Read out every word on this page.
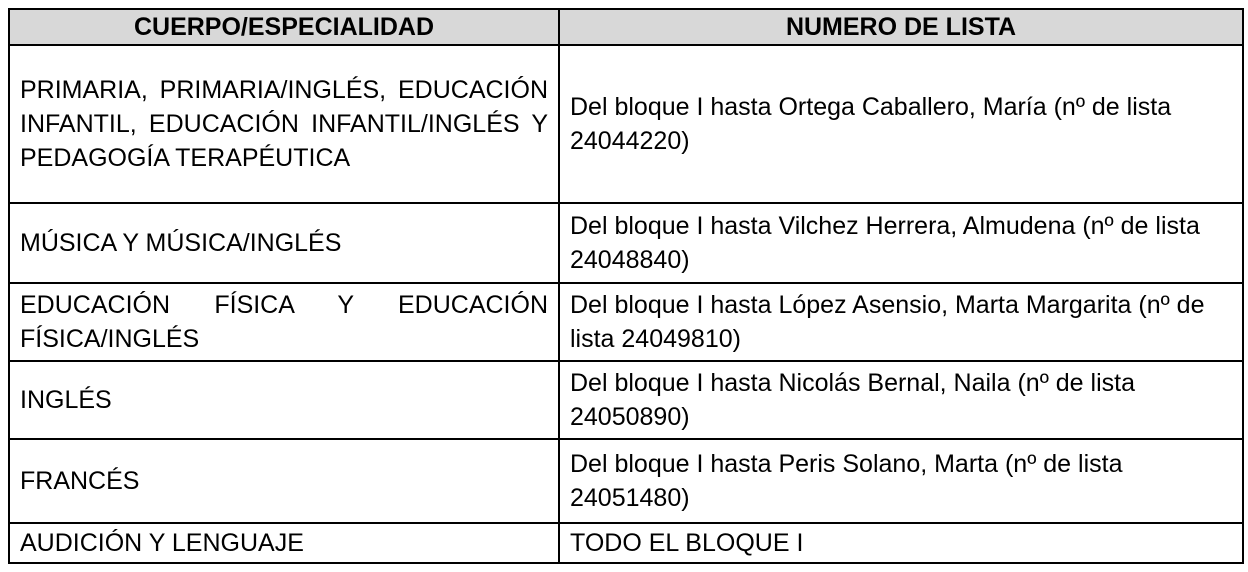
CUERPO/ESPECIALIDAD	NUMERO DE LISTA
PRIMARIA, PRIMARIA/INGLÉS, EDUCACIÓN INFANTIL, EDUCACIÓN INFANTIL/INGLÉS Y PEDAGOGÍA TERAPÉUTICA	Del bloque I hasta Ortega Caballero, María (nº de lista 24044220)
MÚSICA Y MÚSICA/INGLÉS	Del bloque I hasta Vilchez Herrera, Almudena (nº de lista 24048840)
EDUCACIÓN FÍSICA Y EDUCACIÓN FÍSICA/INGLÉS	Del bloque I hasta López Asensio, Marta Margarita (nº de lista 24049810)
INGLÉS	Del bloque I hasta Nicolás Bernal, Naila (nº de lista 24050890)
FRANCÉS	Del bloque I hasta Peris Solano, Marta (nº de lista 24051480)
AUDICIÓN Y LENGUAJE	TODO EL BLOQUE I
